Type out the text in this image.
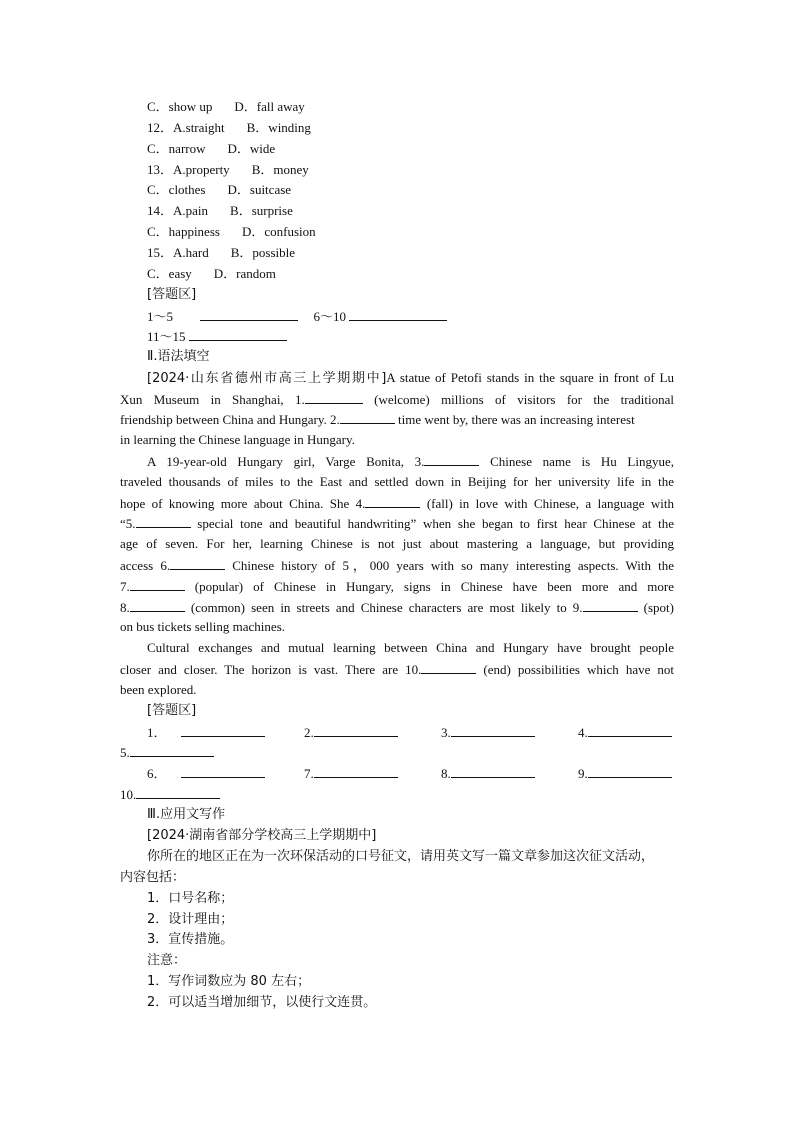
C．show up D．fall away
12．A.straight B．winding
C．narrow D．wide
13．A.property B．money
C．clothes D．suitcase
14．A.pain B．surprise
C．happiness D．confusion
15．A.hard B．possible
C．easy D．random
[答题区]
1～5	6～10
11～15
Ⅱ.语法填空
[2024·山东省德州市高三上学期期中]A statue of Petofi stands in the square in front of Lu
Xun Museum in Shanghai, 1.	(welcome) millions of visitors for the traditional
friendship between China and Hungary. 2.	time went by, there was an increasing interest
in learning the Chinese language in Hungary.
A 19-year-old Hungary girl, Varge Bonita, 3.	Chinese name is Hu Lingyue,
traveled thousands of miles to the East and settled down in Beijing for her university life in the
hope of knowing more about China. She 4.	(fall) in love with Chinese, a language with
“5.	special tone and beautiful handwriting” when she began to first hear Chinese at the
age of seven. For her, learning Chinese is not just about mastering a language, but providing
access 6.	Chinese history of 5，000 years with so many interesting aspects. With the
7.	(popular) of Chinese in Hungary, signs in Chinese have been more and more
8.	(common) seen in streets and Chinese characters are most likely to 9.	(spot)
on bus tickets selling machines.
Cultural exchanges and mutual learning between China and Hungary have brought people
closer and closer. The horizon is vast. There are 10.	(end) possibilities which have not
been explored.
[答题区]
1．	2.	3.	4.
5.
6．	7.	8.	9.
10.
Ⅲ.应用文写作
[2024·湖南省部分学校高三上学期期中]
你所在的地区正在为一次环保活动的口号征文，请用英文写一篇文章参加这次征文活动，
内容包括：
1．口号名称；
2．设计理由；
3．宣传措施。
注意：
1．写作词数应为 80 左右；
2．可以适当增加细节，以使行文连贯。
